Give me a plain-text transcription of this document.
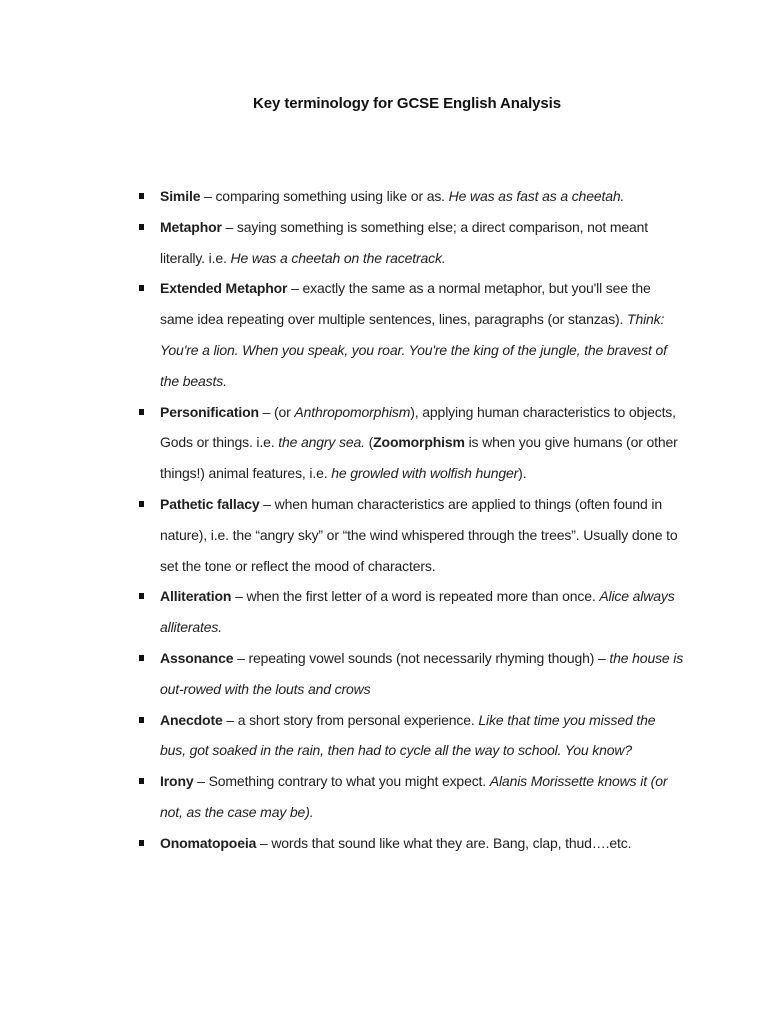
Key terminology for GCSE English Analysis
Simile – comparing something using like or as. He was as fast as a cheetah.
Metaphor – saying something is something else; a direct comparison, not meant literally. i.e. He was a cheetah on the racetrack.
Extended Metaphor – exactly the same as a normal metaphor, but you'll see the same idea repeating over multiple sentences, lines, paragraphs (or stanzas). Think: You're a lion. When you speak, you roar. You're the king of the jungle, the bravest of the beasts.
Personification – (or Anthropomorphism), applying human characteristics to objects, Gods or things. i.e. the angry sea. (Zoomorphism is when you give humans (or other things!) animal features, i.e. he growled with wolfish hunger).
Pathetic fallacy – when human characteristics are applied to things (often found in nature), i.e. the “angry sky” or “the wind whispered through the trees”. Usually done to set the tone or reflect the mood of characters.
Alliteration – when the first letter of a word is repeated more than once. Alice always alliterates.
Assonance – repeating vowel sounds (not necessarily rhyming though) – the house is out-rowed with the louts and crows
Anecdote – a short story from personal experience. Like that time you missed the bus, got soaked in the rain, then had to cycle all the way to school. You know?
Irony – Something contrary to what you might expect. Alanis Morissette knows it (or not, as the case may be).
Onomatopoeia – words that sound like what they are. Bang, clap, thud….etc.
